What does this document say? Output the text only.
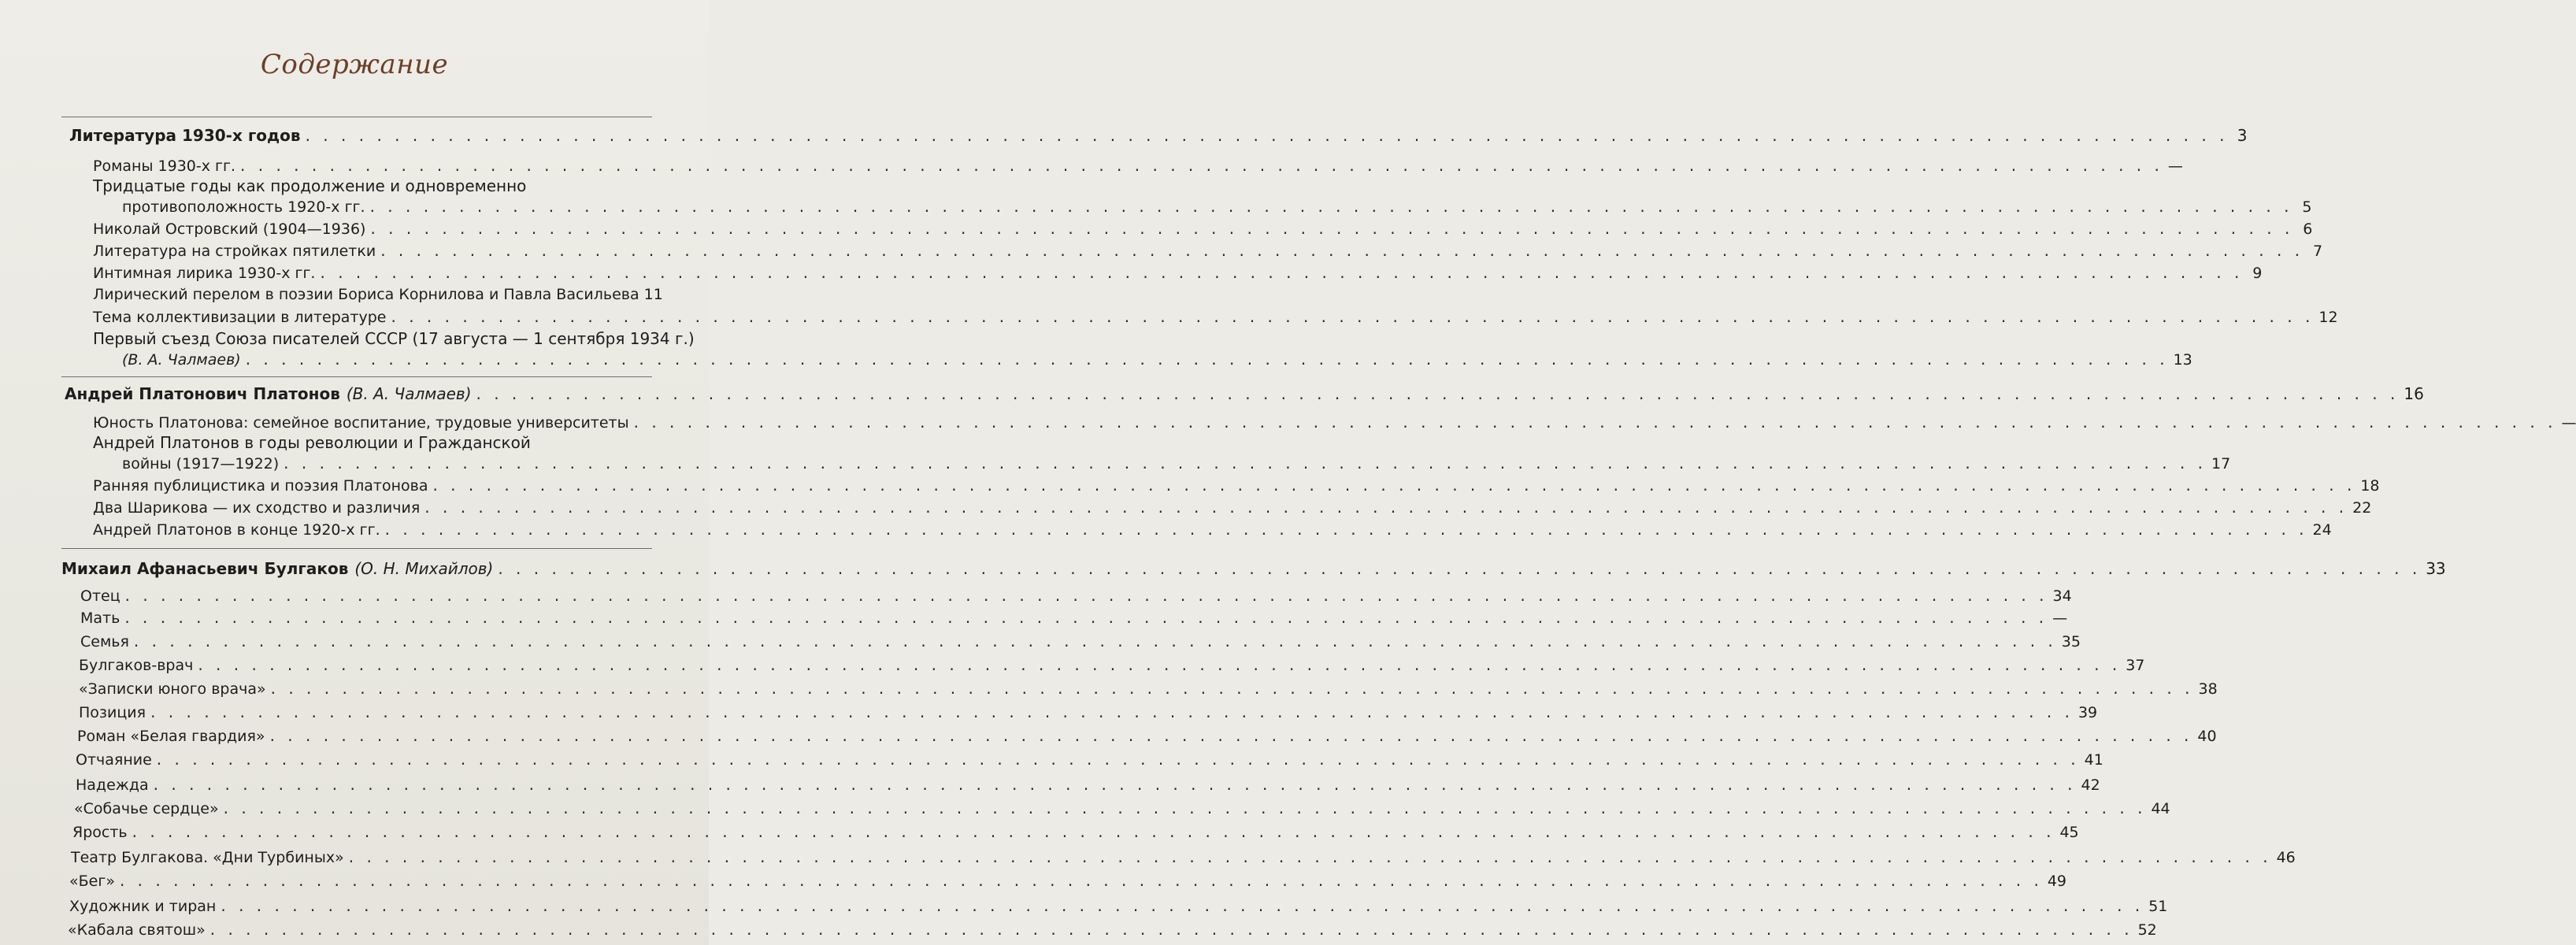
Содержание
Литература 1930-х годов . . . . . . . . . . . . . . . . . . . . . . . . . . . . . . . . . . . . . . . . . . . . . . . . . . . . . . . . . . . . . . . . . . . . . . . . . . . . . . . . . . . . . . . . . . . . . . . . . . . . . . . . . . . . 3
Романы 1930-х гг. . . . . . . . . . . . . . . . . . . . . . . . . . . . . . . . . . . . . . . . . . . . . . . . . . . . . . . . . . . . . . . . . . . . . . . . . . . . . . . . . . . . . . . . . . . . . . . . . . . . . . . . . . . . . —
Тридцатые годы как продолжение и одновременно
противоположность 1920-х гг. . . . . . . . . . . . . . . . . . . . . . . . . . . . . . . . . . . . . . . . . . . . . . . . . . . . . . . . . . . . . . . . . . . . . . . . . . . . . . . . . . . . . . . . . . . . . . . . . . . . . . . . . . . . . 5
Николай Островский (1904—1936) . . . . . . . . . . . . . . . . . . . . . . . . . . . . . . . . . . . . . . . . . . . . . . . . . . . . . . . . . . . . . . . . . . . . . . . . . . . . . . . . . . . . . . . . . . . . . . . . . . . . . . . . . . . . 6
Литература на стройках пятилетки . . . . . . . . . . . . . . . . . . . . . . . . . . . . . . . . . . . . . . . . . . . . . . . . . . . . . . . . . . . . . . . . . . . . . . . . . . . . . . . . . . . . . . . . . . . . . . . . . . . . . . . . . . . . 7
Интимная лирика 1930-х гг. . . . . . . . . . . . . . . . . . . . . . . . . . . . . . . . . . . . . . . . . . . . . . . . . . . . . . . . . . . . . . . . . . . . . . . . . . . . . . . . . . . . . . . . . . . . . . . . . . . . . . . . . . . . . 9
Лирический перелом в поэзии Бориса Корнилова и Павла Васильева 11
Тема коллективизации в литературе . . . . . . . . . . . . . . . . . . . . . . . . . . . . . . . . . . . . . . . . . . . . . . . . . . . . . . . . . . . . . . . . . . . . . . . . . . . . . . . . . . . . . . . . . . . . . . . . . . . . . . . . . . . . 12
Первый съезд Союза писателей СССР (17 августа — 1 сентября 1934 г.)
(В. А. Чалмаев) . . . . . . . . . . . . . . . . . . . . . . . . . . . . . . . . . . . . . . . . . . . . . . . . . . . . . . . . . . . . . . . . . . . . . . . . . . . . . . . . . . . . . . . . . . . . . . . . . . . . . . . . . . . . 13
Андрей Платонович Платонов (В. А. Чалмаев) . . . . . . . . . . . . . . . . . . . . . . . . . . . . . . . . . . . . . . . . . . . . . . . . . . . . . . . . . . . . . . . . . . . . . . . . . . . . . . . . . . . . . . . . . . . . . . . . . . . . . . . . . . . . 16
Юность Платонова: семейное воспитание, трудовые университеты . . . . . . . . . . . . . . . . . . . . . . . . . . . . . . . . . . . . . . . . . . . . . . . . . . . . . . . . . . . . . . . . . . . . . . . . . . . . . . . . . . . . . . . . . . . . . . . . . . . . . . . . . . . . —
Андрей Платонов в годы революции и Гражданской
войны (1917—1922) . . . . . . . . . . . . . . . . . . . . . . . . . . . . . . . . . . . . . . . . . . . . . . . . . . . . . . . . . . . . . . . . . . . . . . . . . . . . . . . . . . . . . . . . . . . . . . . . . . . . . . . . . . . . 17
Ранняя публицистика и поэзия Платонова . . . . . . . . . . . . . . . . . . . . . . . . . . . . . . . . . . . . . . . . . . . . . . . . . . . . . . . . . . . . . . . . . . . . . . . . . . . . . . . . . . . . . . . . . . . . . . . . . . . . . . . . . . . . 18
Два Шарикова — их сходство и различия . . . . . . . . . . . . . . . . . . . . . . . . . . . . . . . . . . . . . . . . . . . . . . . . . . . . . . . . . . . . . . . . . . . . . . . . . . . . . . . . . . . . . . . . . . . . . . . . . . . . . . . . . . . . 22
Андрей Платонов в конце 1920-х гг. . . . . . . . . . . . . . . . . . . . . . . . . . . . . . . . . . . . . . . . . . . . . . . . . . . . . . . . . . . . . . . . . . . . . . . . . . . . . . . . . . . . . . . . . . . . . . . . . . . . . . . . . . . . . 24
Михаил Афанасьевич Булгаков (О. Н. Михайлов) . . . . . . . . . . . . . . . . . . . . . . . . . . . . . . . . . . . . . . . . . . . . . . . . . . . . . . . . . . . . . . . . . . . . . . . . . . . . . . . . . . . . . . . . . . . . . . . . . . . . . . . . . . . . 33
Отец . . . . . . . . . . . . . . . . . . . . . . . . . . . . . . . . . . . . . . . . . . . . . . . . . . . . . . . . . . . . . . . . . . . . . . . . . . . . . . . . . . . . . . . . . . . . . . . . . . . . . . . . . . . . 34
Мать . . . . . . . . . . . . . . . . . . . . . . . . . . . . . . . . . . . . . . . . . . . . . . . . . . . . . . . . . . . . . . . . . . . . . . . . . . . . . . . . . . . . . . . . . . . . . . . . . . . . . . . . . . . . —
Семья . . . . . . . . . . . . . . . . . . . . . . . . . . . . . . . . . . . . . . . . . . . . . . . . . . . . . . . . . . . . . . . . . . . . . . . . . . . . . . . . . . . . . . . . . . . . . . . . . . . . . . . . . . . . 35
Булгаков-врач . . . . . . . . . . . . . . . . . . . . . . . . . . . . . . . . . . . . . . . . . . . . . . . . . . . . . . . . . . . . . . . . . . . . . . . . . . . . . . . . . . . . . . . . . . . . . . . . . . . . . . . . . . . . 37
«Записки юного врача» . . . . . . . . . . . . . . . . . . . . . . . . . . . . . . . . . . . . . . . . . . . . . . . . . . . . . . . . . . . . . . . . . . . . . . . . . . . . . . . . . . . . . . . . . . . . . . . . . . . . . . . . . . . . 38
Позиция . . . . . . . . . . . . . . . . . . . . . . . . . . . . . . . . . . . . . . . . . . . . . . . . . . . . . . . . . . . . . . . . . . . . . . . . . . . . . . . . . . . . . . . . . . . . . . . . . . . . . . . . . . . . 39
Роман «Белая гвардия» . . . . . . . . . . . . . . . . . . . . . . . . . . . . . . . . . . . . . . . . . . . . . . . . . . . . . . . . . . . . . . . . . . . . . . . . . . . . . . . . . . . . . . . . . . . . . . . . . . . . . . . . . . . . 40
Отчаяние . . . . . . . . . . . . . . . . . . . . . . . . . . . . . . . . . . . . . . . . . . . . . . . . . . . . . . . . . . . . . . . . . . . . . . . . . . . . . . . . . . . . . . . . . . . . . . . . . . . . . . . . . . . . 41
Надежда . . . . . . . . . . . . . . . . . . . . . . . . . . . . . . . . . . . . . . . . . . . . . . . . . . . . . . . . . . . . . . . . . . . . . . . . . . . . . . . . . . . . . . . . . . . . . . . . . . . . . . . . . . . . 42
«Собачье сердце» . . . . . . . . . . . . . . . . . . . . . . . . . . . . . . . . . . . . . . . . . . . . . . . . . . . . . . . . . . . . . . . . . . . . . . . . . . . . . . . . . . . . . . . . . . . . . . . . . . . . . . . . . . . . 44
Ярость . . . . . . . . . . . . . . . . . . . . . . . . . . . . . . . . . . . . . . . . . . . . . . . . . . . . . . . . . . . . . . . . . . . . . . . . . . . . . . . . . . . . . . . . . . . . . . . . . . . . . . . . . . . . 45
Театр Булгакова. «Дни Турбиных» . . . . . . . . . . . . . . . . . . . . . . . . . . . . . . . . . . . . . . . . . . . . . . . . . . . . . . . . . . . . . . . . . . . . . . . . . . . . . . . . . . . . . . . . . . . . . . . . . . . . . . . . . . . . 46
«Бег» . . . . . . . . . . . . . . . . . . . . . . . . . . . . . . . . . . . . . . . . . . . . . . . . . . . . . . . . . . . . . . . . . . . . . . . . . . . . . . . . . . . . . . . . . . . . . . . . . . . . . . . . . . . . 49
Художник и тиран . . . . . . . . . . . . . . . . . . . . . . . . . . . . . . . . . . . . . . . . . . . . . . . . . . . . . . . . . . . . . . . . . . . . . . . . . . . . . . . . . . . . . . . . . . . . . . . . . . . . . . . . . . . . 51
«Кабала святош» . . . . . . . . . . . . . . . . . . . . . . . . . . . . . . . . . . . . . . . . . . . . . . . . . . . . . . . . . . . . . . . . . . . . . . . . . . . . . . . . . . . . . . . . . . . . . . . . . . . . . . . . . . . . 52
